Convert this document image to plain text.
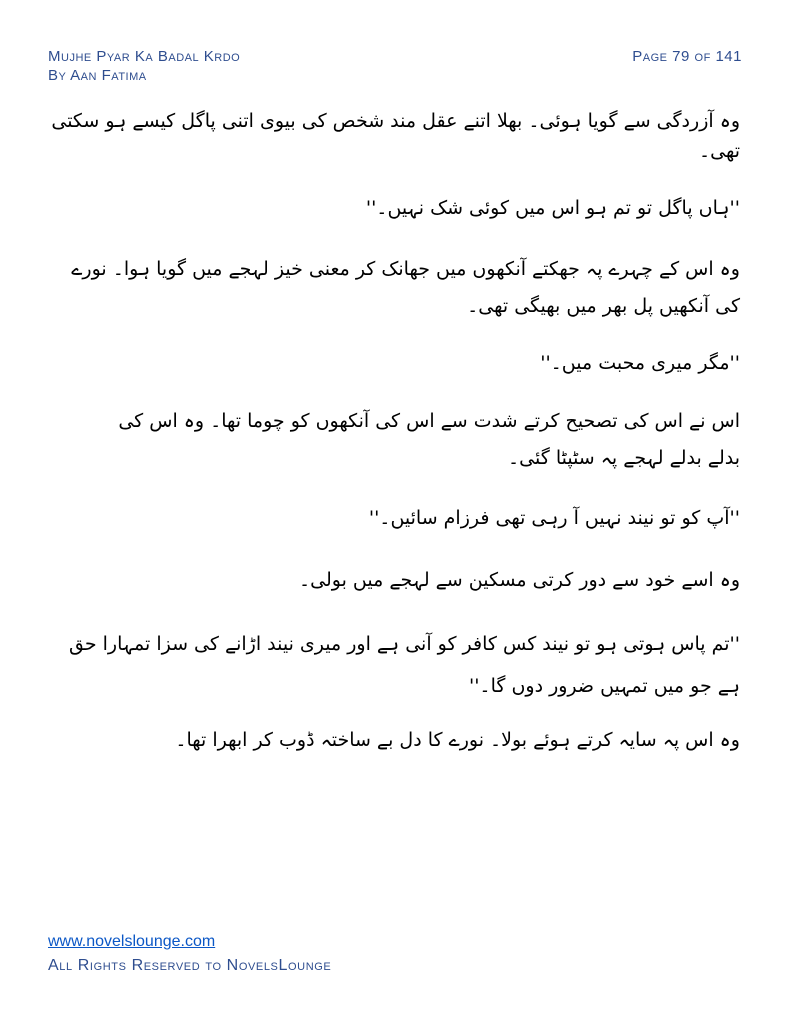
Mujhe Pyar Ka Badal Krdo
By Aan Fatima
Page 79 of 141

وہ آزردگی سے گویا ہوئی۔ بھلا اتنے عقل مند شخص کی بیوی اتنی پاگل کیسے ہو سکتی تھی۔

''ہاں پاگل تو تم ہو اس میں کوئی شک نہیں۔''

وہ اس کے چہرے پہ جھکتے آنکھوں میں جھانک کر معنی خیز لہجے میں گویا ہوا۔ نورے کی آنکھیں پل بھر میں بھیگی تھی۔

''مگر میری محبت میں۔''

اس نے اس کی تصحیح کرتے شدت سے اس کی آنکھوں کو چوما تھا۔ وہ اس کی بدلے بدلے لہجے پہ سٹپٹا گئی۔

''آپ کو تو نیند نہیں آ رہی تھی فرزام سائیں۔''

وہ اسے خود سے دور کرتی مسکین سے لہجے میں بولی۔

''تم پاس ہوتی ہو تو نیند کس کافر کو آنی ہے اور میری نیند اڑانے کی سزا تمہارا حق ہے جو میں تمہیں ضرور دوں گا۔''

وہ اس پہ سایہ کرتے ہوئے بولا۔ نورے کا دل بے ساختہ ڈوب کر ابھرا تھا۔

www.novelslounge.com
All Rights Reserved to NovelsLounge
